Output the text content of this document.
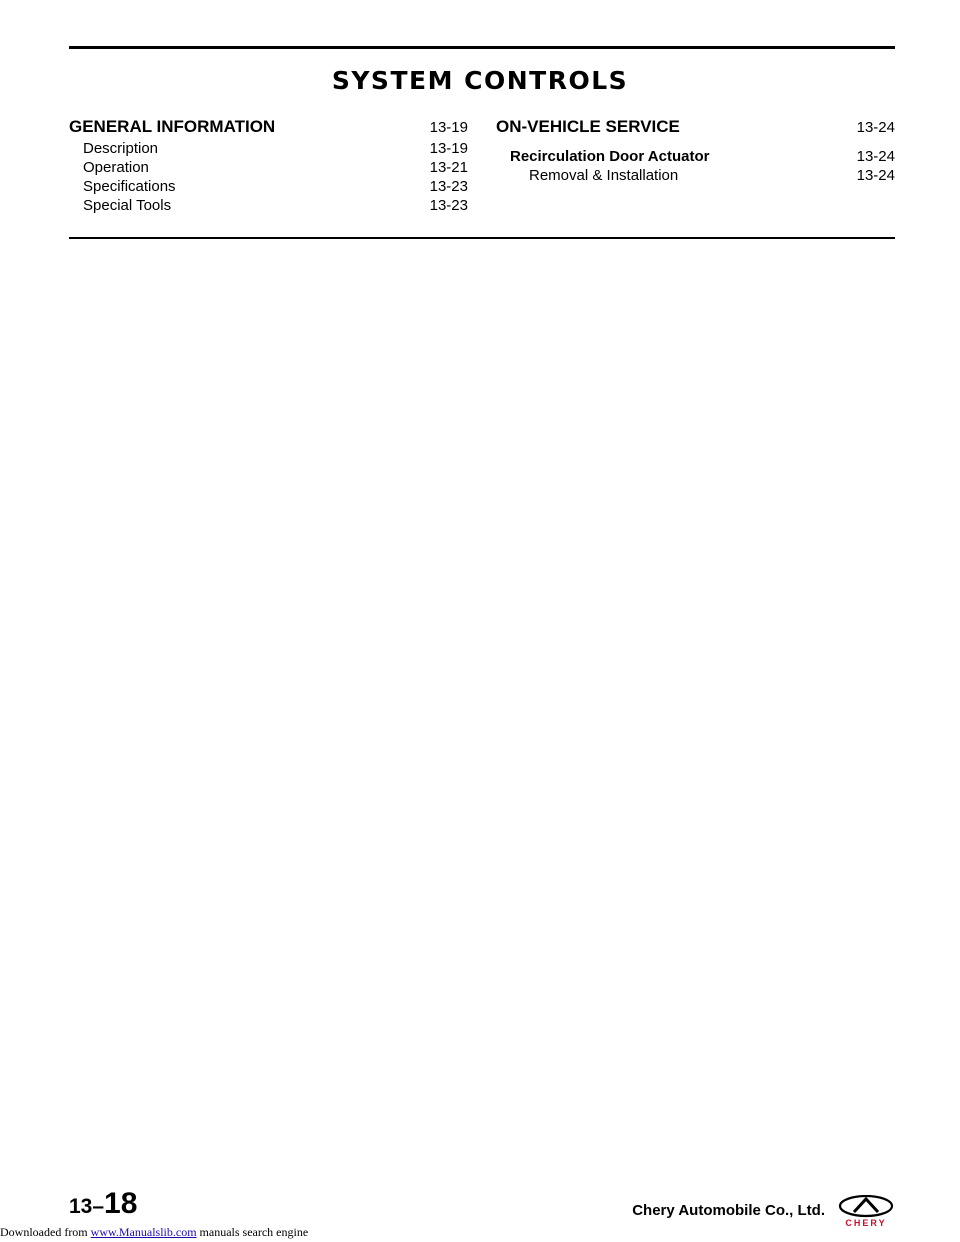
SYSTEM CONTROLS
GENERAL INFORMATION	13-19
Description	13-19
Operation	13-21
Specifications	13-23
Special Tools	13-23
ON-VEHICLE SERVICE	13-24
Recirculation Door Actuator	13-24
Removal & Installation	13-24
13–18	Chery Automobile Co., Ltd.
CHERY
Downloaded from www.Manualslib.com manuals search engine
